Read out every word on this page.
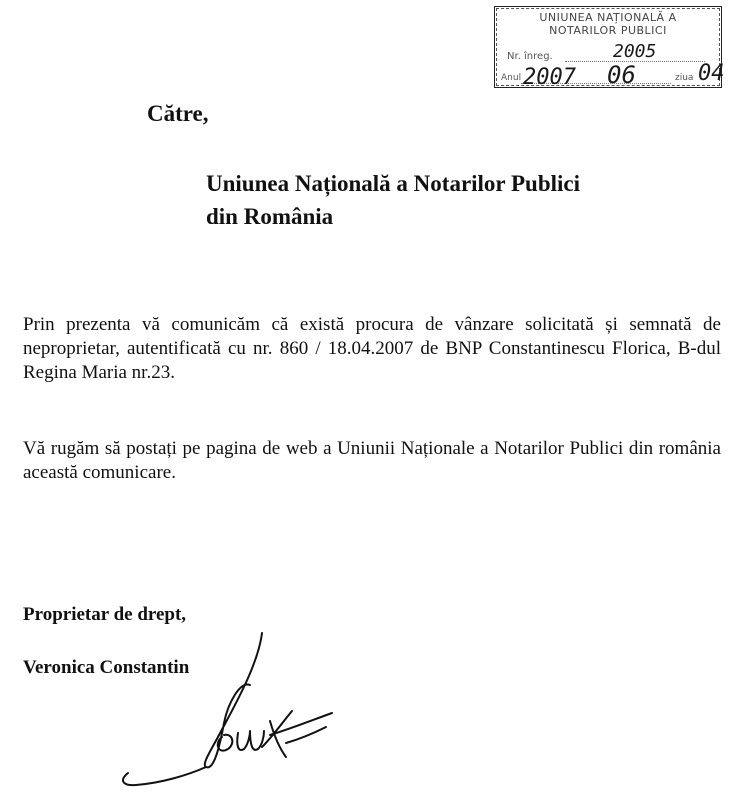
UNIUNEA NAȚIONALĂ A
NOTARILOR PUBLICI
Nr. înreg.	2005
Anul 2007 06	ziua 04
Către,
Uniunea Națională a Notarilor Publici
din România
Prin prezenta vă comunicăm că există procura de vânzare solicitată și semnată de neproprietar, autentificată cu nr. 860 / 18.04.2007 de BNP Constantinescu Florica, B-dul Regina Maria nr.23.
Vă rugăm să postați pe pagina de web a Uniunii Naționale a Notarilor Publici din românia această comunicare.
Proprietar de drept,
Veronica Constantin
